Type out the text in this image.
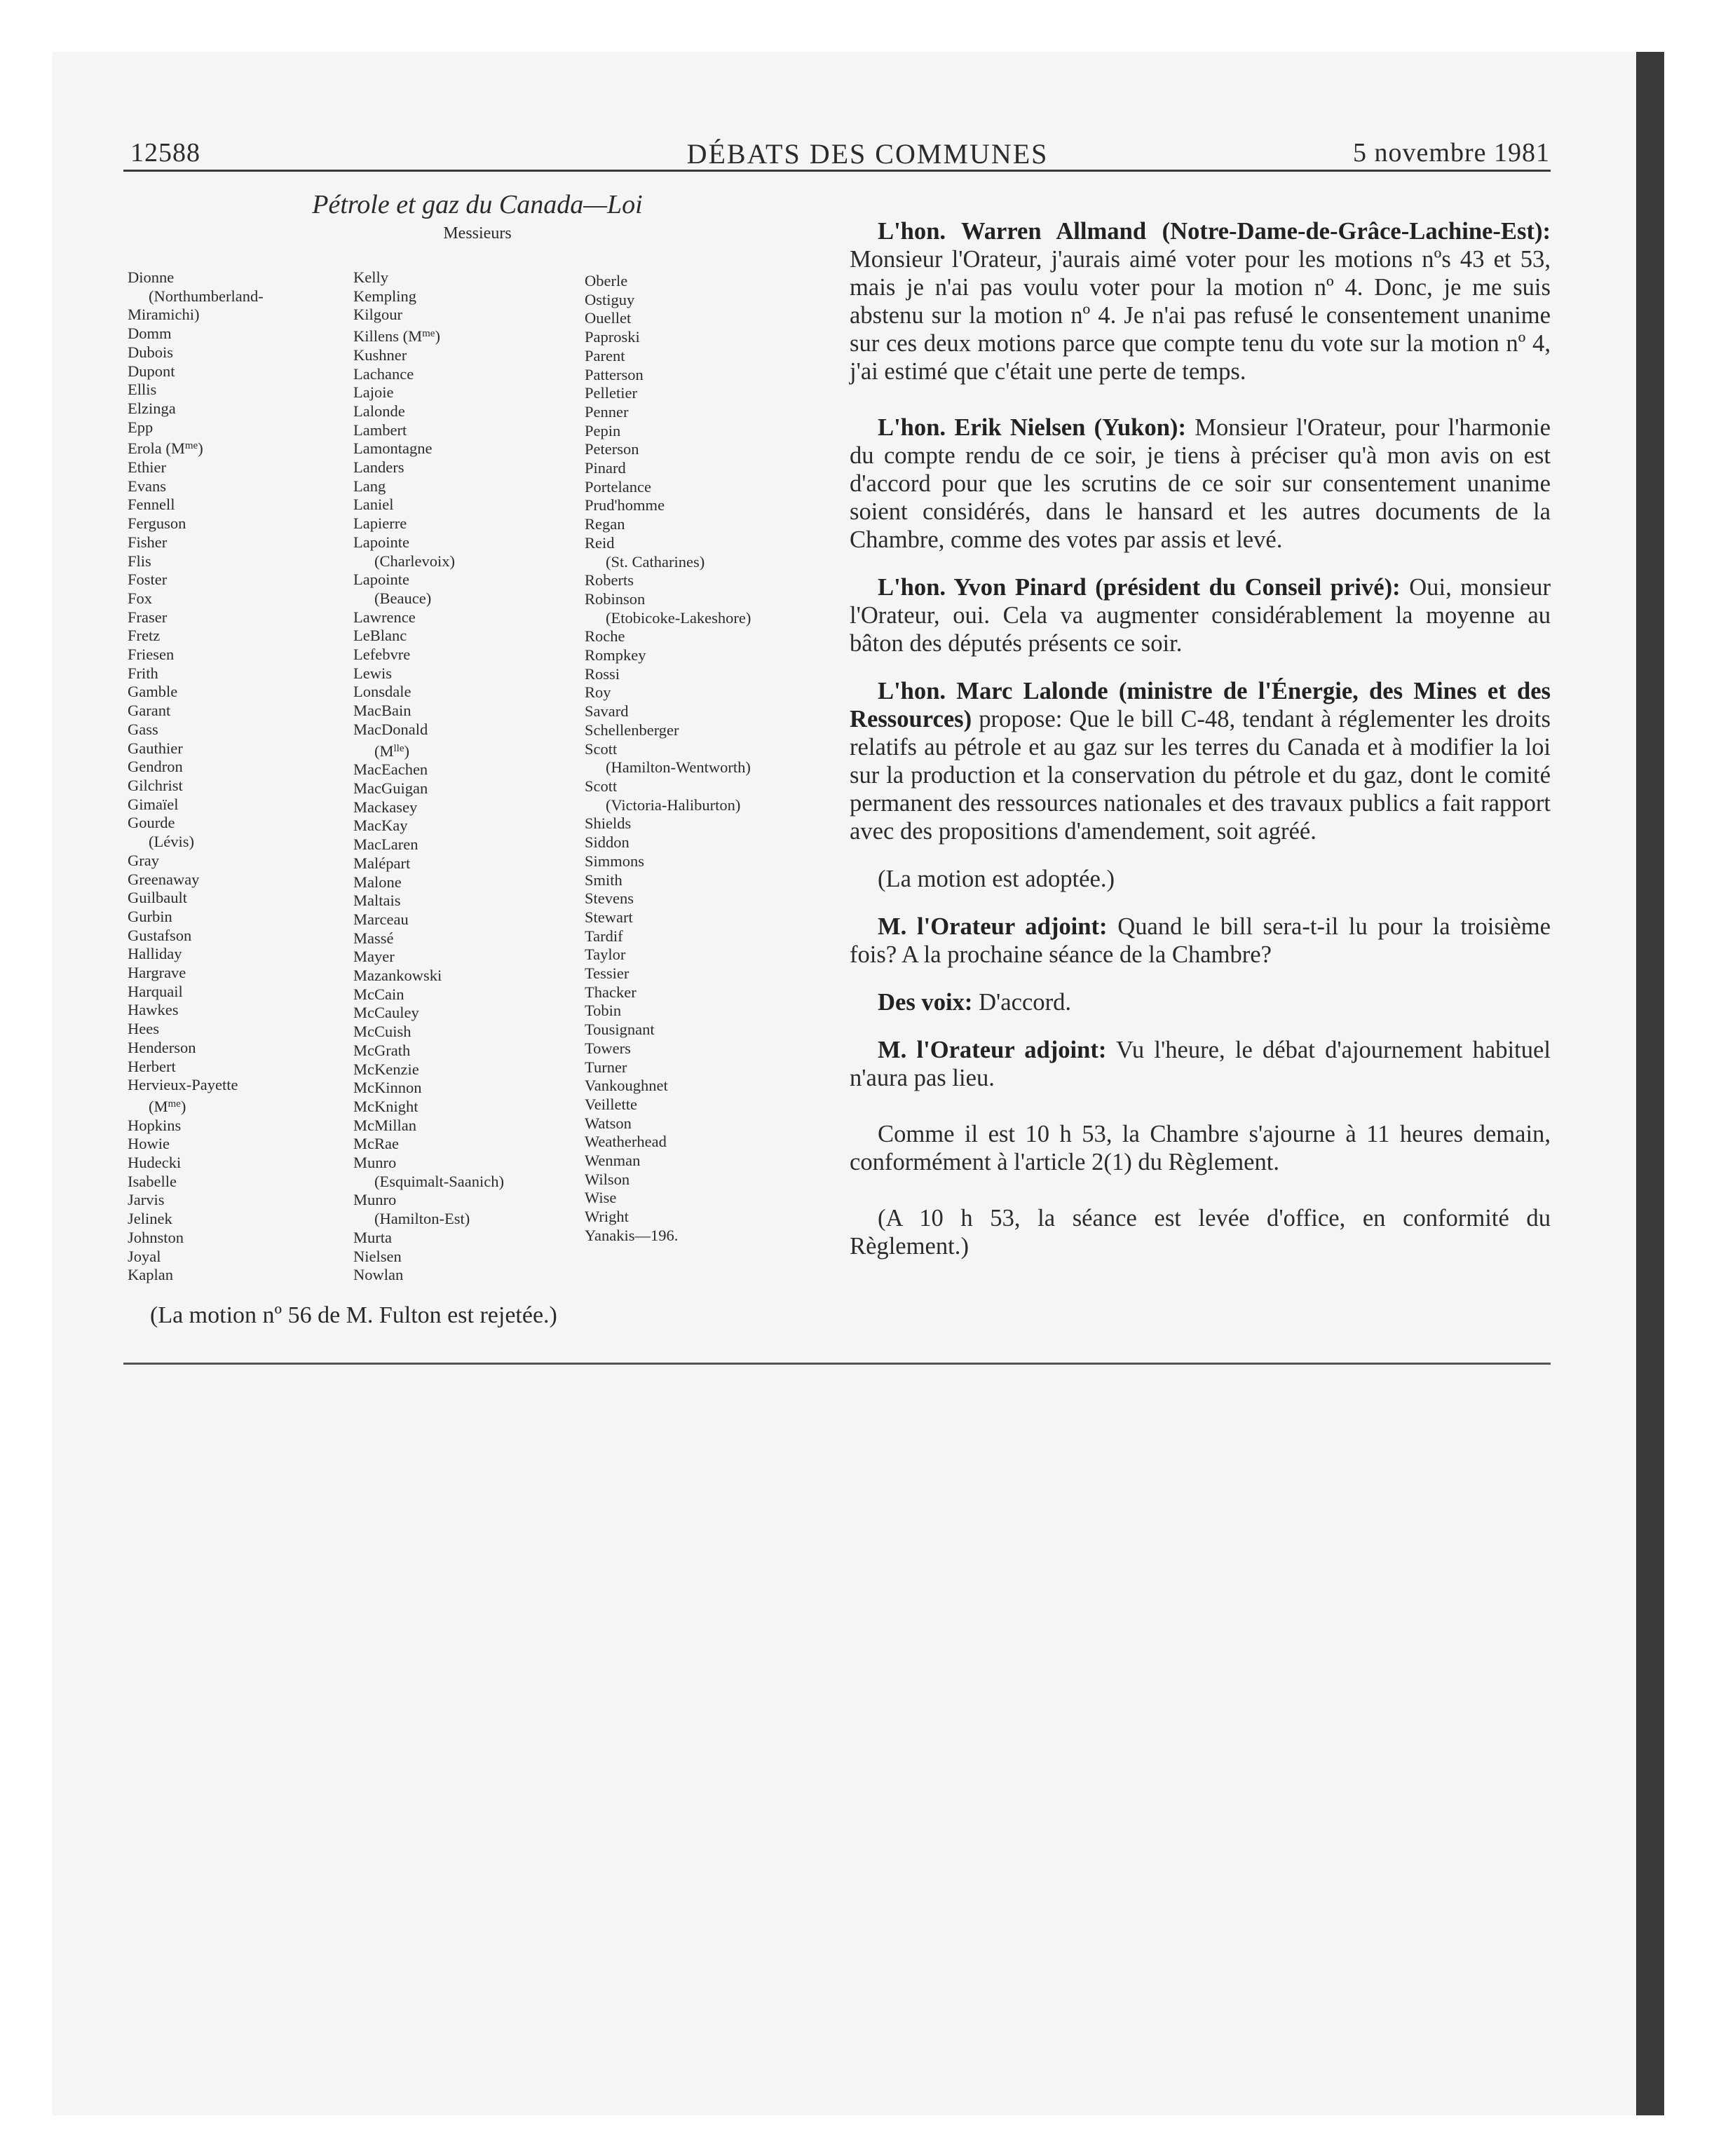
12588	DÉBATS DES COMMUNES	5 novembre 1981
Pétrole et gaz du Canada—Loi
Messieurs
Dionne
(Northumberland-
Miramichi)
Domm
Dubois
Dupont
Ellis
Elzinga
Epp
Erola $(M^{me})$
Ethier
Evans
Fennell
Ferguson
Fisher
Flis
Foster
Fox
Fraser
Fretz
Friesen
Frith
Gamble
Garant
Gass
Gauthier
Gendron
Gilchrist
Gimaïel
Gourde
(Lévis)
Gray
Greenaway
Guilbault
Gurbin
Gustafson
Halliday
Hargrave
Harquail
Hawkes
Hees
Henderson
Herbert
Hervieux-Payette
$(M^{me})$
Hopkins
Howie
Hudecki
Isabelle
Jarvis
Jelinek
Johnston
Joyal
Kaplan
Kelly
Kempling
Kilgour
Killens $(M^{me})$
Kushner
Lachance
Lajoie
Lalonde
Lambert
Lamontagne
Landers
Lang
Laniel
Lapierre
Lapointe
(Charlevoix)
Lapointe
(Beauce)
Lawrence
LeBlanc
Lefebvre
Lewis
Lonsdale
MacBain
MacDonald
$(M^{lle})$
MacEachen
MacGuigan
Mackasey
MacKay
MacLaren
Malépart
Malone
Maltais
Marceau
Massé
Mayer
Mazankowski
McCain
McCauley
McCuish
McGrath
McKenzie
McKinnon
McKnight
McMillan
McRae
Munro
(Esquimalt-Saanich)
Munro
(Hamilton-Est)
Murta
Nielsen
Nowlan
Oberle
Ostiguy
Ouellet
Paproski
Parent
Patterson
Pelletier
Penner
Pepin
Peterson
Pinard
Portelance
Prud'homme
Regan
Reid
(St. Catharines)
Roberts
Robinson
(Etobicoke-Lakeshore)
Roche
Rompkey
Rossi
Roy
Savard
Schellenberger
Scott
(Hamilton-Wentworth)
Scott
(Victoria-Haliburton)
Shields
Siddon
Simmons
Smith
Stevens
Stewart
Tardif
Taylor
Tessier
Thacker
Tobin
Tousignant
Towers
Turner
Vankoughnet
Veillette
Watson
Weatherhead
Wenman
Wilson
Wise
Wright
Yanakis—196.
(La motion nº 56 de M. Fulton est rejetée.)

L'hon. Warren Allmand (Notre-Dame-de-Grâce-Lachine-Est): Monsieur l'Orateur, j'aurais aimé voter pour les motions nºs 43 et 53, mais je n'ai pas voulu voter pour la motion nº 4. Donc, je me suis abstenu sur la motion nº 4. Je n'ai pas refusé le consentement unanime sur ces deux motions parce que compte tenu du vote sur la motion nº 4, j'ai estimé que c'était une perte de temps.

L'hon. Erik Nielsen (Yukon): Monsieur l'Orateur, pour l'harmonie du compte rendu de ce soir, je tiens à préciser qu'à mon avis on est d'accord pour que les scrutins de ce soir sur consentement unanime soient considérés, dans le hansard et les autres documents de la Chambre, comme des votes par assis et levé.

L'hon. Yvon Pinard (président du Conseil privé): Oui, monsieur l'Orateur, oui. Cela va augmenter considérablement la moyenne au bâton des députés présents ce soir.

L'hon. Marc Lalonde (ministre de l'Énergie, des Mines et des Ressources) propose: Que le bill C-48, tendant à réglementer les droits relatifs au pétrole et au gaz sur les terres du Canada et à modifier la loi sur la production et la conservation du pétrole et du gaz, dont le comité permanent des ressources nationales et des travaux publics a fait rapport avec des propositions d'amendement, soit agréé.

(La motion est adoptée.)

M. l'Orateur adjoint: Quand le bill sera-t-il lu pour la troisième fois? A la prochaine séance de la Chambre?

Des voix: D'accord.

M. l'Orateur adjoint: Vu l'heure, le débat d'ajournement habituel n'aura pas lieu.

Comme il est 10 h 53, la Chambre s'ajourne à 11 heures demain, conformément à l'article 2(1) du Règlement.

(A 10 h 53, la séance est levée d'office, en conformité du Règlement.)
